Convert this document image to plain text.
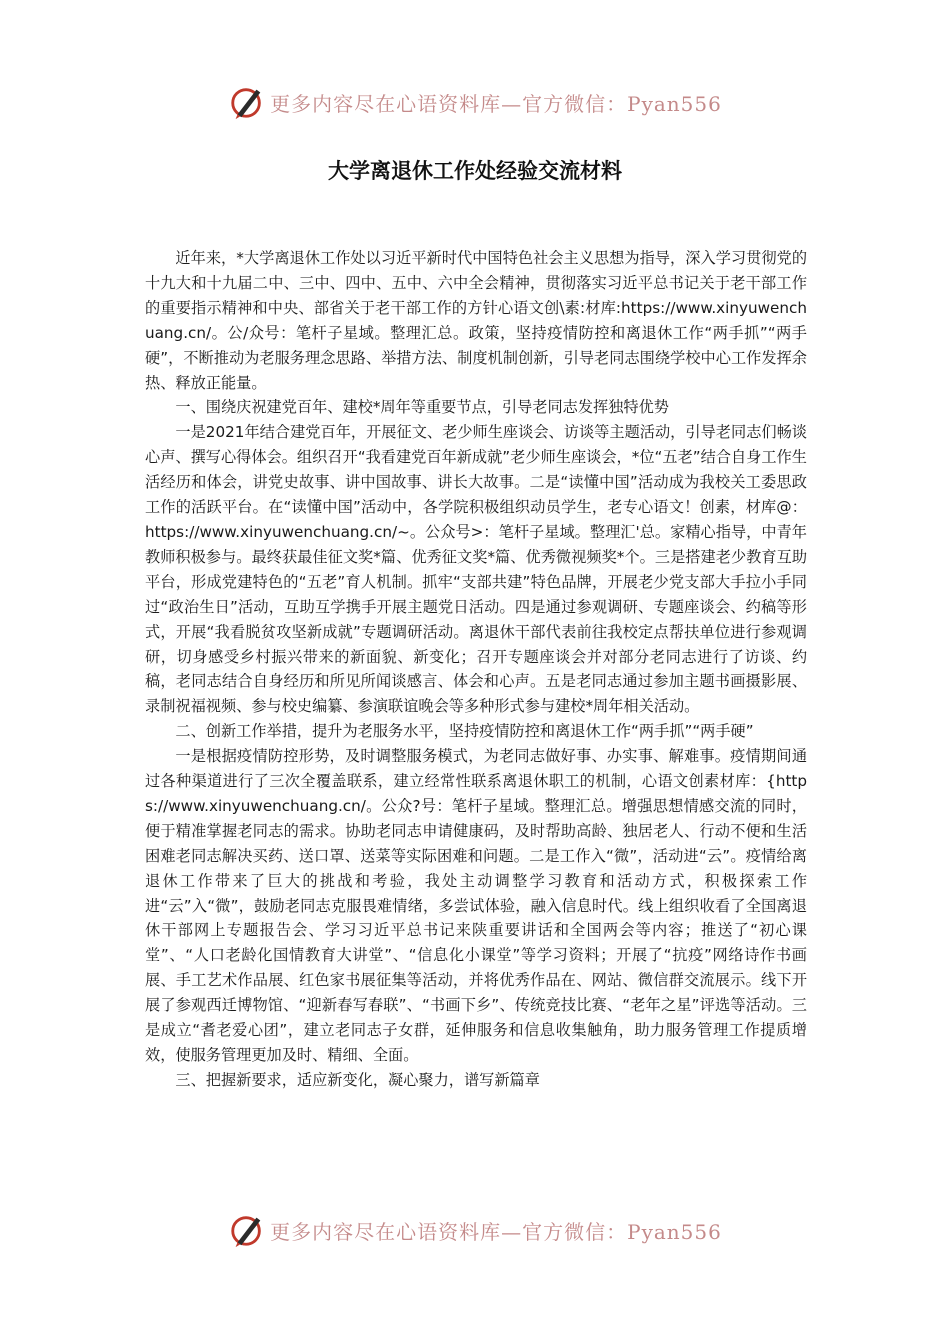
更多内容尽在心语资料库—官方微信：Pyan556
大学离退休工作处经验交流材料

近年来，*大学离退休工作处以习近平新时代中国特色社会主义思想为指导，深入学习贯彻党的十九大和十九届二中、三中、四中、五中、六中全会精神，贯彻落实习近平总书记关于老干部工作的重要指示精神和中央、部省关于老干部工作的方针心语文创\素:材库:https://www.xinyuwenchuang.cn/。公/众号：笔杆子星域。整理汇总。政策，坚持疫情防控和离退休工作“两手抓”“两手硬”，不断推动为老服务理念思路、举措方法、制度机制创新，引导老同志围绕学校中心工作发挥余热、释放正能量。

一、围绕庆祝建党百年、建校*周年等重要节点，引导老同志发挥独特优势

一是2021年结合建党百年，开展征文、老少师生座谈会、访谈等主题活动，引导老同志们畅谈心声、撰写心得体会。组织召开“我看建党百年新成就”老少师生座谈会，*位“五老”结合自身工作生活经历和体会，讲党史故事、讲中国故事、讲长大故事。二是“读懂中国”活动成为我校关工委思政工作的活跃平台。在“读懂中国”活动中，各学院积极组织动员学生，老专心语文！创素，材库@：https://www.xinyuwenchuang.cn/~。公众号>：笔杆子星域。整理汇'总。家精心指导，中青年教师积极参与。最终获最佳征文奖*篇、优秀征文奖*篇、优秀微视频奖*个。三是搭建老少教育互助平台，形成党建特色的“五老”育人机制。抓牢“支部共建”特色品牌，开展老少党支部大手拉小手同过“政治生日”活动，互助互学携手开展主题党日活动。四是通过参观调研、专题座谈会、约稿等形式，开展“我看脱贫攻坚新成就”专题调研活动。离退休干部代表前往我校定点帮扶单位进行参观调研，切身感受乡村振兴带来的新面貌、新变化；召开专题座谈会并对部分老同志进行了访谈、约稿，老同志结合自身经历和所见所闻谈感言、体会和心声。五是老同志通过参加主题书画摄影展、录制祝福视频、参与校史编纂、参演联谊晚会等多种形式参与建校*周年相关活动。

二、创新工作举措，提升为老服务水平，坚持疫情防控和离退休工作“两手抓”“两手硬”

一是根据疫情防控形势，及时调整服务模式，为老同志做好事、办实事、解难事。疫情期间通过各种渠道进行了三次全覆盖联系，建立经常性联系离退休职工的机制，心语文创素材库：{https://www.xinyuwenchuang.cn/。公众?号：笔杆子星域。整理汇总。增强思想情感交流的同时，便于精准掌握老同志的需求。协助老同志申请健康码，及时帮助高龄、独居老人、行动不便和生活困难老同志解决买药、送口罩、送菜等实际困难和问题。二是工作入“微”，活动进“云”。疫情给离退休工作带来了巨大的挑战和考验，我处主动调整学习教育和活动方式，积极探索工作进“云”入“微”，鼓励老同志克服畏难情绪，多尝试体验，融入信息时代。线上组织收看了全国离退休干部网上专题报告会、学习习近平总书记来陕重要讲话和全国两会等内容；推送了“初心课堂”、“人口老龄化国情教育大讲堂”、“信息化小课堂”等学习资料；开展了“抗疫”网络诗作书画展、手工艺术作品展、红色家书展征集等活动，并将优秀作品在、网站、微信群交流展示。线下开展了参观西迁博物馆、“迎新春写春联”、“书画下乡”、传统竞技比赛、“老年之星”评选等活动。三是成立“耆老爱心团”，建立老同志子女群，延伸服务和信息收集触角，助力服务管理工作提质增效，使服务管理更加及时、精细、全面。

三、把握新要求，适应新变化，凝心聚力，谱写新篇章

更多内容尽在心语资料库—官方微信：Pyan556
